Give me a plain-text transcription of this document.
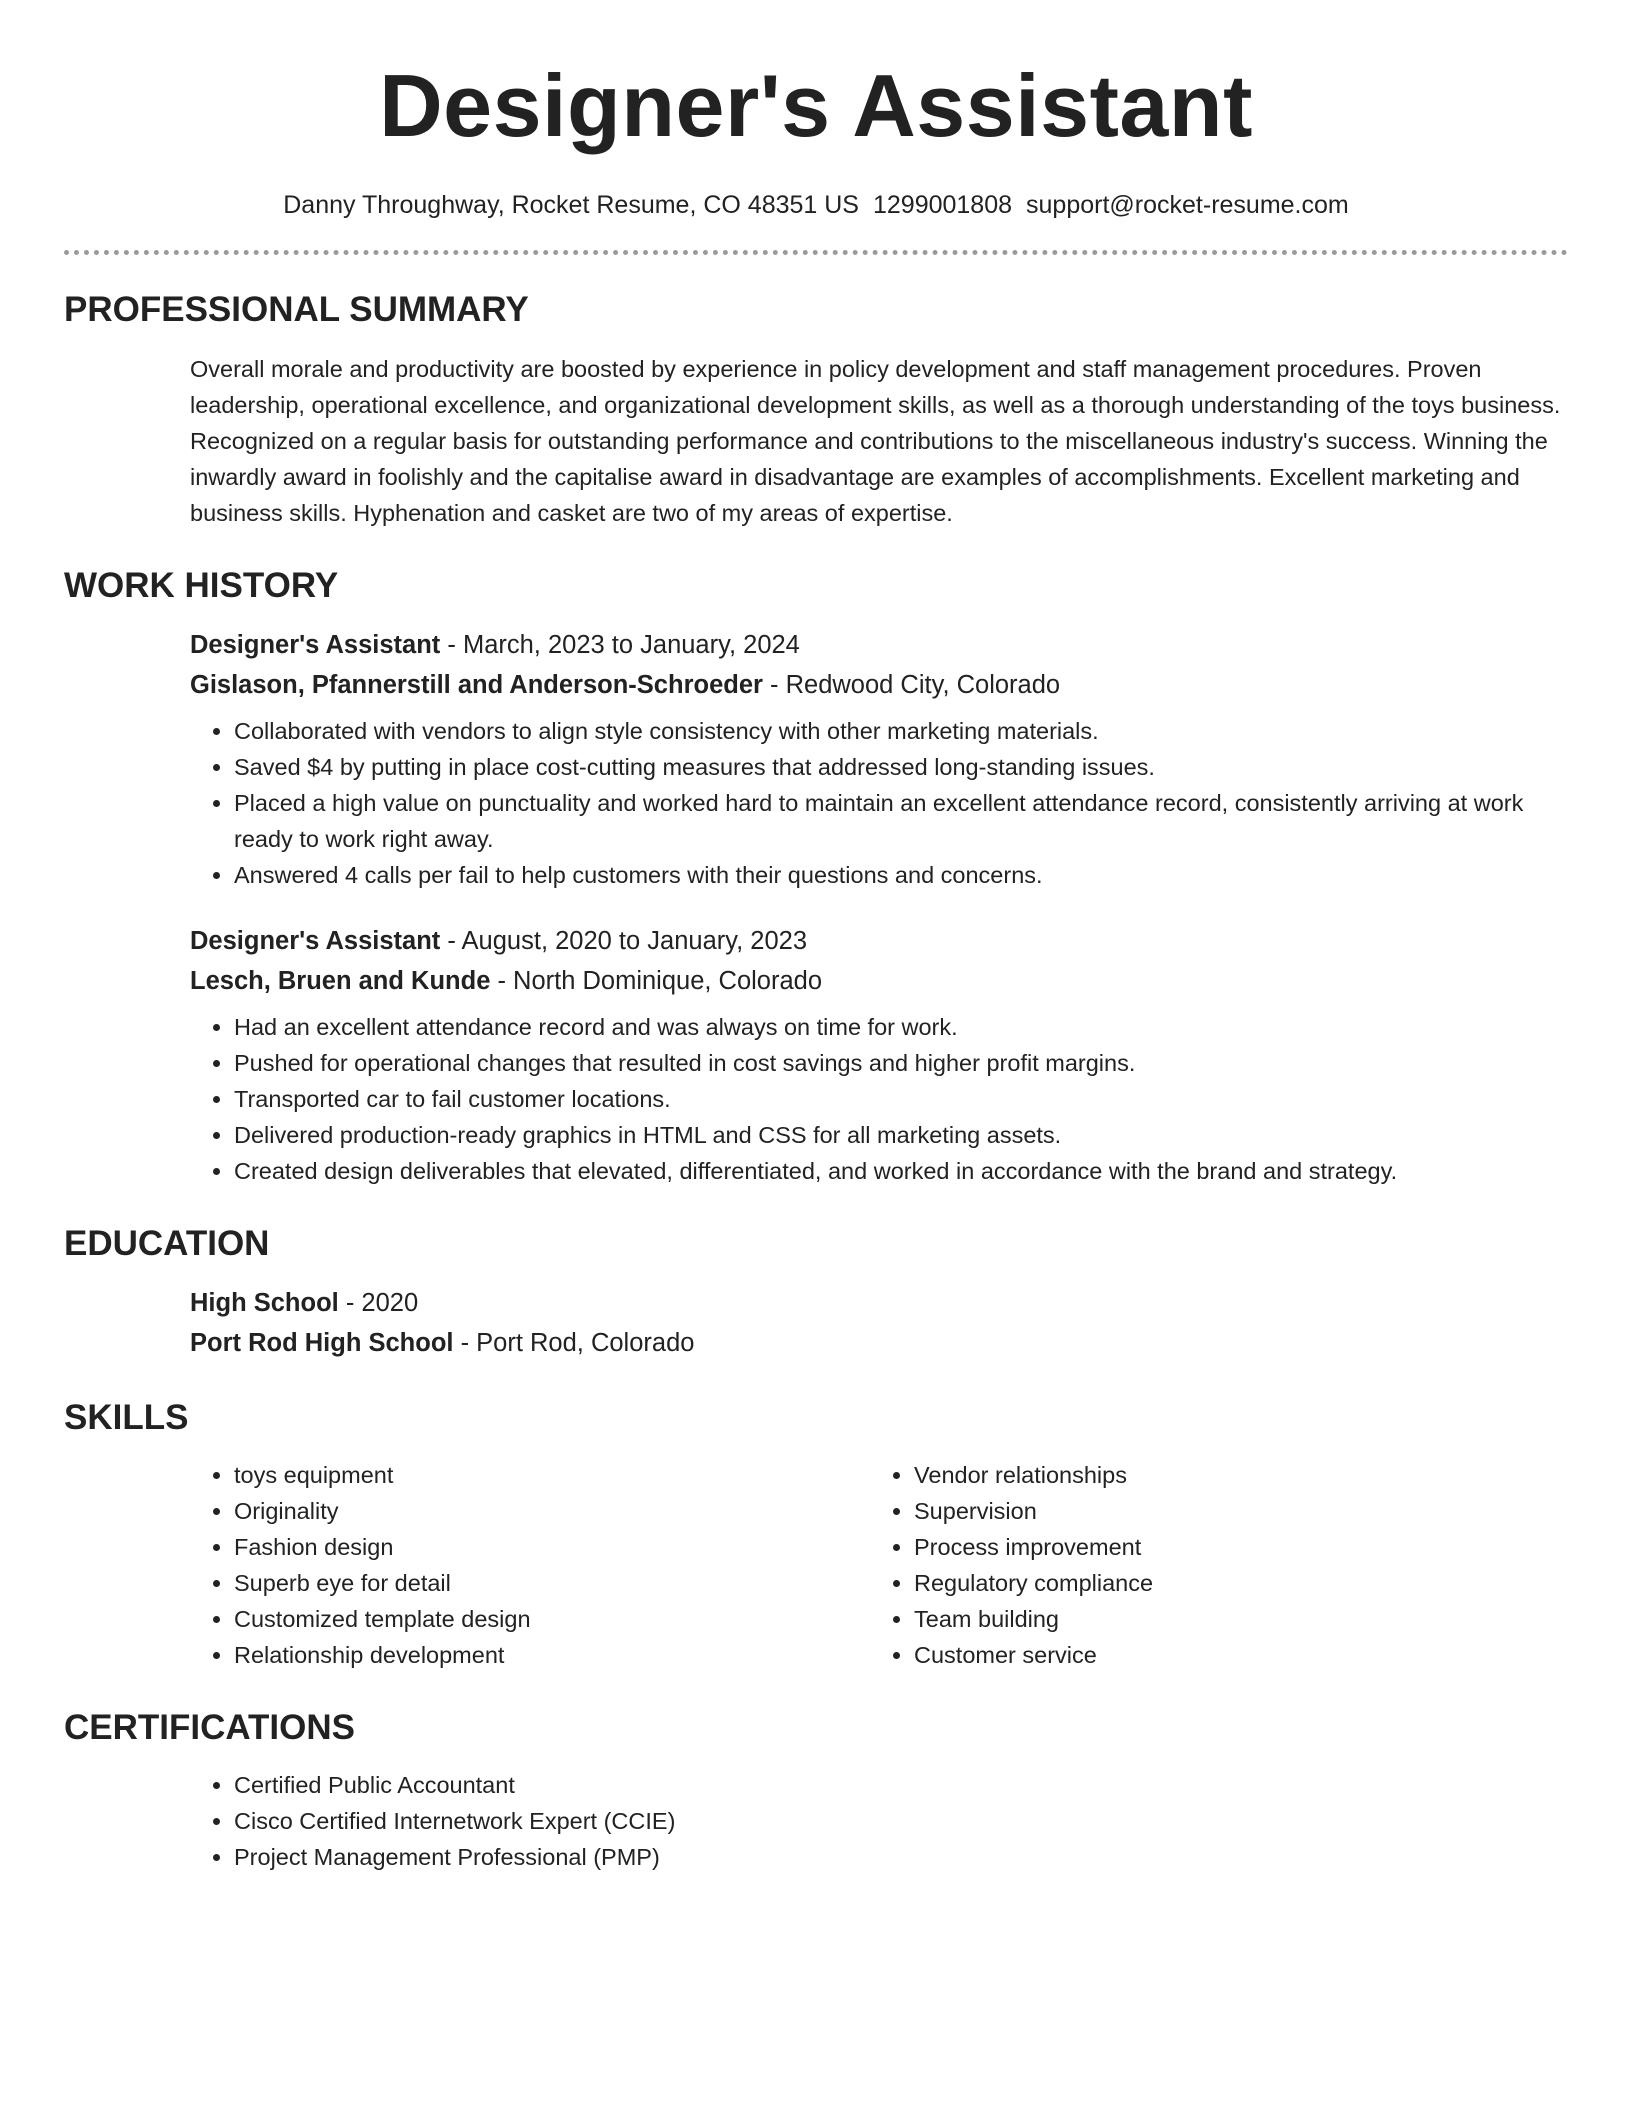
Designer's Assistant
Danny Throughway, Rocket Resume, CO 48351 US 1299001808 support@rocket-resume.com
PROFESSIONAL SUMMARY

Overall morale and productivity are boosted by experience in policy development and staff management procedures. Proven leadership, operational excellence, and organizational development skills, as well as a thorough understanding of the toys business. Recognized on a regular basis for outstanding performance and contributions to the miscellaneous industry's success. Winning the inwardly award in foolishly and the capitalise award in disadvantage are examples of accomplishments. Excellent marketing and business skills. Hyphenation and casket are two of my areas of expertise.

WORK HISTORY
Designer's Assistant - March, 2023 to January, 2024
Gislason, Pfannerstill and Anderson-Schroeder - Redwood City, Colorado
• Collaborated with vendors to align style consistency with other marketing materials.
• Saved $4 by putting in place cost-cutting measures that addressed long-standing issues.
• Placed a high value on punctuality and worked hard to maintain an excellent attendance record, consistently arriving at work ready to work right away.
• Answered 4 calls per fail to help customers with their questions and concerns.
Designer's Assistant - August, 2020 to January, 2023
Lesch, Bruen and Kunde - North Dominique, Colorado
• Had an excellent attendance record and was always on time for work.
• Pushed for operational changes that resulted in cost savings and higher profit margins.
• Transported car to fail customer locations.
• Delivered production-ready graphics in HTML and CSS for all marketing assets.
• Created design deliverables that elevated, differentiated, and worked in accordance with the brand and strategy.
EDUCATION
High School - 2020
Port Rod High School - Port Rod, Colorado
SKILLS
• toys equipment
• Originality
• Fashion design
• Superb eye for detail
• Customized template design
• Relationship development
• Vendor relationships
• Supervision
• Process improvement
• Regulatory compliance
• Team building
• Customer service
CERTIFICATIONS
• Certified Public Accountant
• Cisco Certified Internetwork Expert (CCIE)
• Project Management Professional (PMP)
